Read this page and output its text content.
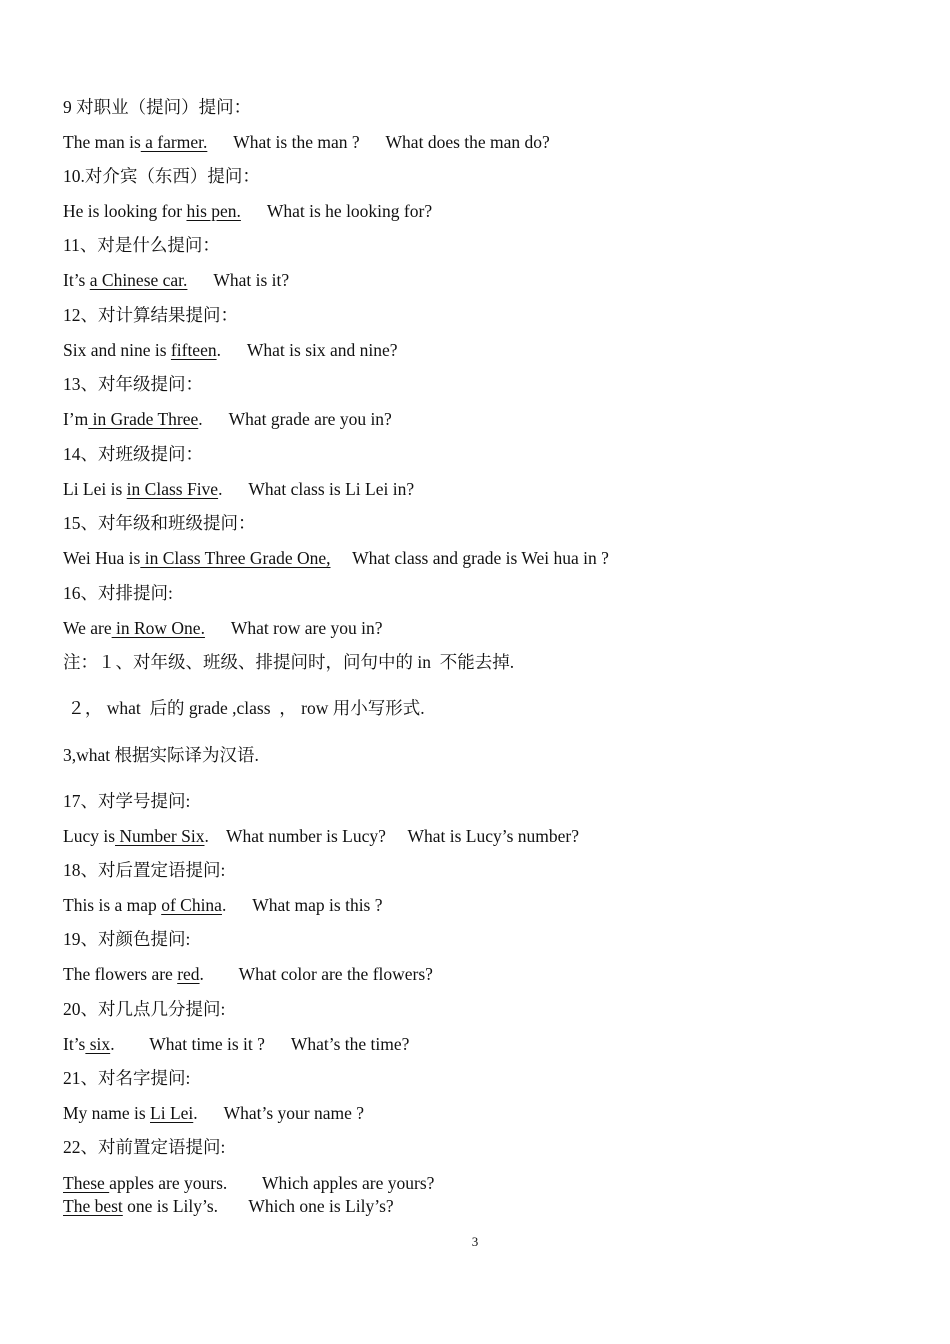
9 对职业（提问）提问：
The man is a farmer.      What is the man ?      What does the man do?
10.对介宾（东西）提问：
He is looking for his pen.      What is he looking for?
11、对是什么提问：
It’s a Chinese car.      What is it?
12、对计算结果提问：
Six and nine is fifteen.      What is six and nine?
13、对年级提问：
I’m in Grade Three.      What grade are you in?
14、对班级提问：
Li Lei is in Class Five.      What class is Li Lei in?
15、对年级和班级提问：
Wei Hua is in Class Three Grade One,     What class and grade is Wei hua in ?
16、对排提问:
We are in Row One.      What row are you in?
注：１、对年级、班级、排提问时，问句中的 in  不能去掉.
２， what  后的 grade ,class  ， row 用小写形式.
3,what 根据实际译为汉语.
17、对学号提问:
Lucy is Number Six.    What number is Lucy?     What is Lucy’s number?
18、对后置定语提问:
This is a map of China.      What map is this ?
19、对颜色提问:
The flowers are red.        What color are the flowers?
20、对几点几分提问:
It’s six.        What time is it ?      What’s the time?
21、对名字提问:
My name is Li Lei.      What’s your name ?
22、对前置定语提问:
These apples are yours.        Which apples are yours?
The best one is Lily’s.       Which one is Lily’s?
3
